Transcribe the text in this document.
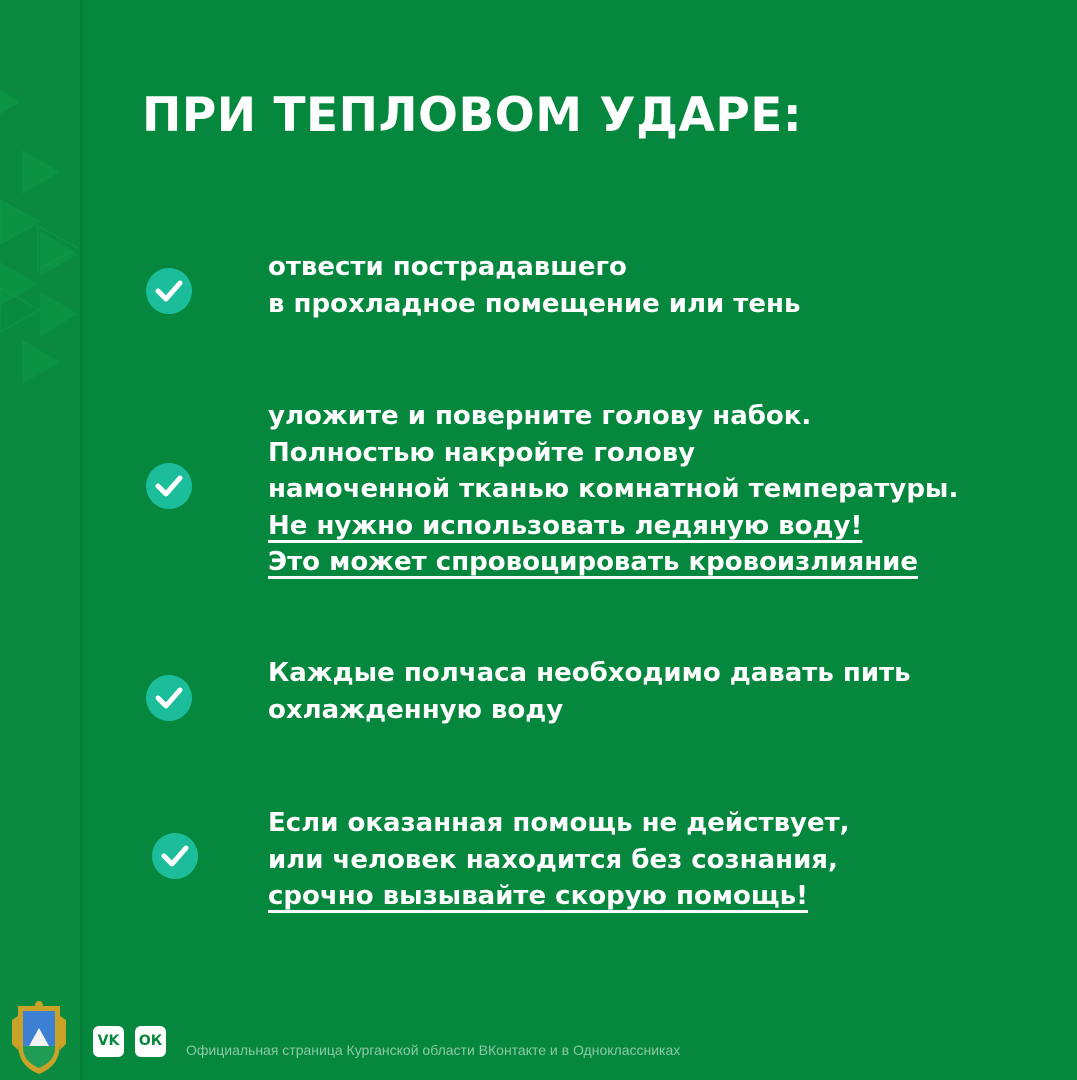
ПРИ ТЕПЛОВОМ УДАРЕ:
отвести пострадавшего
в прохладное помещение или тень
уложите и поверните голову набок.
Полностью накройте голову
намоченной тканью комнатной температуры.
Не нужно использовать ледяную воду!
Это может спровоцировать кровоизлияние
Каждые полчаса необходимо давать пить
охлажденную воду
Если оказанная помощь не действует,
или человек находится без сознания,
срочно вызывайте скорую помощь!
VK	ОК
Официальная страница Курганской области ВКонтакте и в Одноклассниках
